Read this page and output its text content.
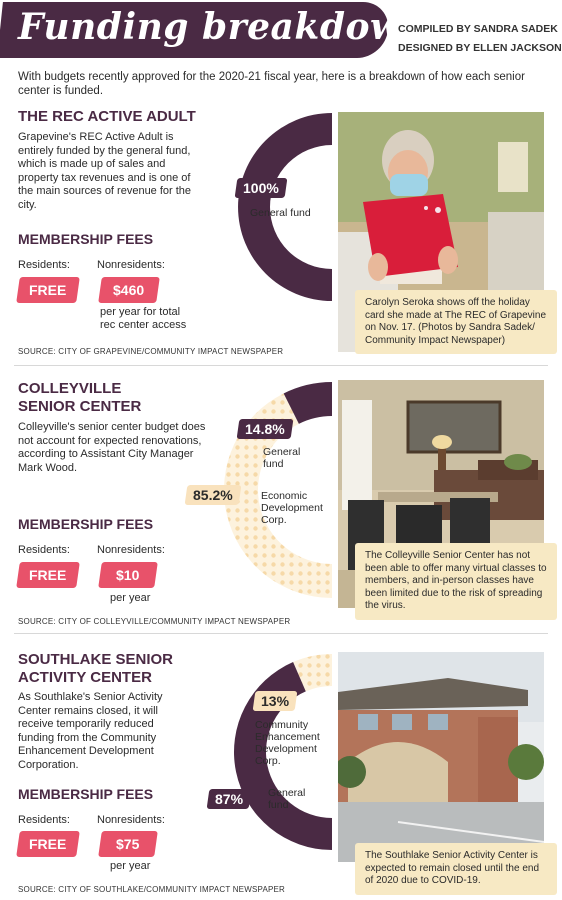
Funding breakdown
COMPILED BY SANDRA SADEK
DESIGNED BY ELLEN JACKSON
With budgets recently approved for the 2020-21 fiscal year, here is a breakdown of how each senior center is funded.
THE REC ACTIVE ADULT
Grapevine's REC Active Adult is entirely funded by the general fund, which is made up of sales and property tax revenues and is one of the main sources of revenue for the city.
MEMBERSHIP FEES
Residents: Nonresidents:
FREE	$460
per year for total rec center access
SOURCE: CITY OF GRAPEVINE/COMMUNITY IMPACT NEWSPAPER
100%
General fund
Carolyn Seroka shows off the holiday card she made at The REC of Grapevine on Nov. 17. (Photos by Sandra Sadek/ Community Impact Newspaper)
COLLEYVILLE
SENIOR CENTER
Colleyville's senior center budget does not account for expected renovations, according to Assistant City Manager Mark Wood.
MEMBERSHIP FEES
Residents: Nonresidents:
FREE	$10
per year
SOURCE: CITY OF COLLEYVILLE/COMMUNITY IMPACT NEWSPAPER
14.8%
General fund
85.2%	Economic Development Corp.
The Colleyville Senior Center has not been able to offer many virtual classes to members, and in-person classes have been limited due to the risk of spreading the virus.
SOUTHLAKE SENIOR
ACTIVITY CENTER
As Southlake's Senior Activity Center remains closed, it will receive temporarily reduced funding from the Community Enhancement Development Corporation.
MEMBERSHIP FEES
Residents: Nonresidents:
FREE	$75
per year
SOURCE: CITY OF SOUTHLAKE/COMMUNITY IMPACT NEWSPAPER
13%
Community Enhancement Development Corp.
87%	General fund
The Southlake Senior Activity Center is expected to remain closed until the end of 2020 due to COVID-19.
